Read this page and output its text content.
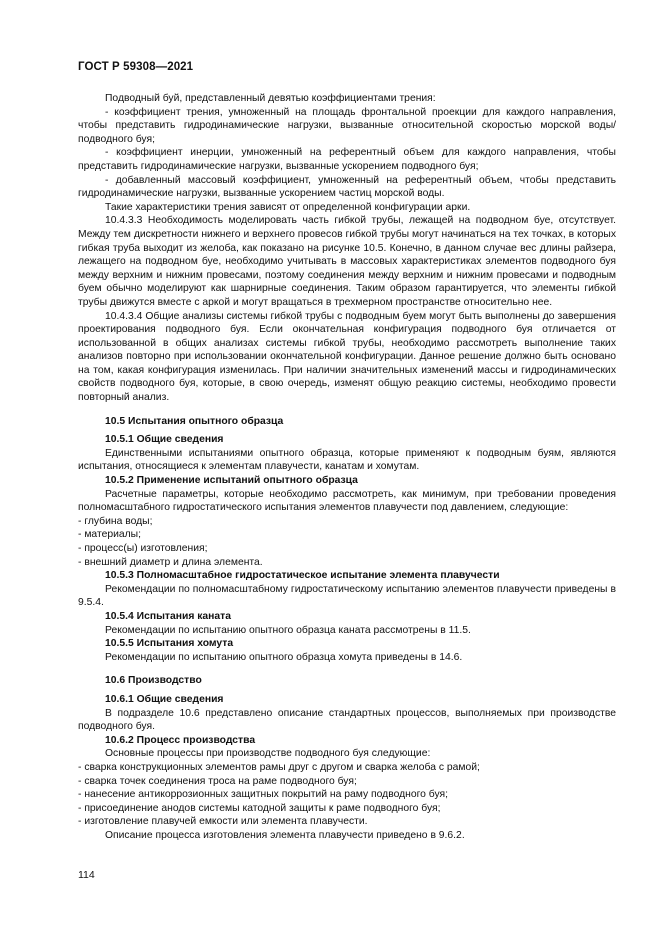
ГОСТ Р 59308—2021

Подводный буй, представленный девятью коэффициентами трения:

- коэффициент трения, умноженный на площадь фронтальной проекции для каждого направления, чтобы представить гидродинамические нагрузки, вызванные относительной скоростью морской воды/подводного буя;

- коэффициент инерции, умноженный на референтный объем для каждого направления, чтобы представить гидродинамические нагрузки, вызванные ускорением подводного буя;

- добавленный массовый коэффициент, умноженный на референтный объем, чтобы представить гидродинамические нагрузки, вызванные ускорением частиц морской воды.

Такие характеристики трения зависят от определенной конфигурации арки.

10.4.3.3 Необходимость моделировать часть гибкой трубы, лежащей на подводном буе, отсутствует. Между тем дискретности нижнего и верхнего провесов гибкой трубы могут начинаться на тех точках, в которых гибкая труба выходит из желоба, как показано на рисунке 10.5. Конечно, в данном случае вес длины райзера, лежащего на подводном буе, необходимо учитывать в массовых характеристиках элементов подводного буя между верхним и нижним провесами, поэтому соединения между верхним и нижним провесами и подводным буем обычно моделируют как шарнирные соединения. Таким образом гарантируется, что элементы гибкой трубы движутся вместе с аркой и могут вращаться в трехмерном пространстве относительно нее.

10.4.3.4 Общие анализы системы гибкой трубы с подводным буем могут быть выполнены до завершения проектирования подводного буя. Если окончательная конфигурация подводного буя отличается от использованной в общих анализах системы гибкой трубы, необходимо рассмотреть выполнение таких анализов повторно при использовании окончательной конфигурации. Данное решение должно быть основано на том, какая конфигурация изменилась. При наличии значительных изменений массы и гидродинамических свойств подводного буя, которые, в свою очередь, изменят общую реакцию системы, необходимо провести повторный анализ.

10.5 Испытания опытного образца

10.5.1 Общие сведения

Единственными испытаниями опытного образца, которые применяют к подводным буям, являются испытания, относящиеся к элементам плавучести, канатам и хомутам.

10.5.2 Применение испытаний опытного образца

Расчетные параметры, которые необходимо рассмотреть, как минимум, при требовании проведения полномасштабного гидростатического испытания элементов плавучести под давлением, следующие:

- глубина воды;

- материалы;

- процесс(ы) изготовления;

- внешний диаметр и длина элемента.

10.5.3 Полномасштабное гидростатическое испытание элемента плавучести

Рекомендации по полномасштабному гидростатическому испытанию элементов плавучести приведены в 9.5.4.

10.5.4 Испытания каната

Рекомендации по испытанию опытного образца каната рассмотрены в 11.5.

10.5.5 Испытания хомута

Рекомендации по испытанию опытного образца хомута приведены в 14.6.

10.6 Производство

10.6.1 Общие сведения

В подразделе 10.6 представлено описание стандартных процессов, выполняемых при производстве подводного буя.

10.6.2 Процесс производства

Основные процессы при производстве подводного буя следующие:

- сварка конструкционных элементов рамы друг с другом и сварка желоба с рамой;

- сварка точек соединения троса на раме подводного буя;

- нанесение антикоррозионных защитных покрытий на раму подводного буя;

- присоединение анодов системы катодной защиты к раме подводного буя;

- изготовление плавучей емкости или элемента плавучести.

Описание процесса изготовления элемента плавучести приведено в 9.6.2.

114
